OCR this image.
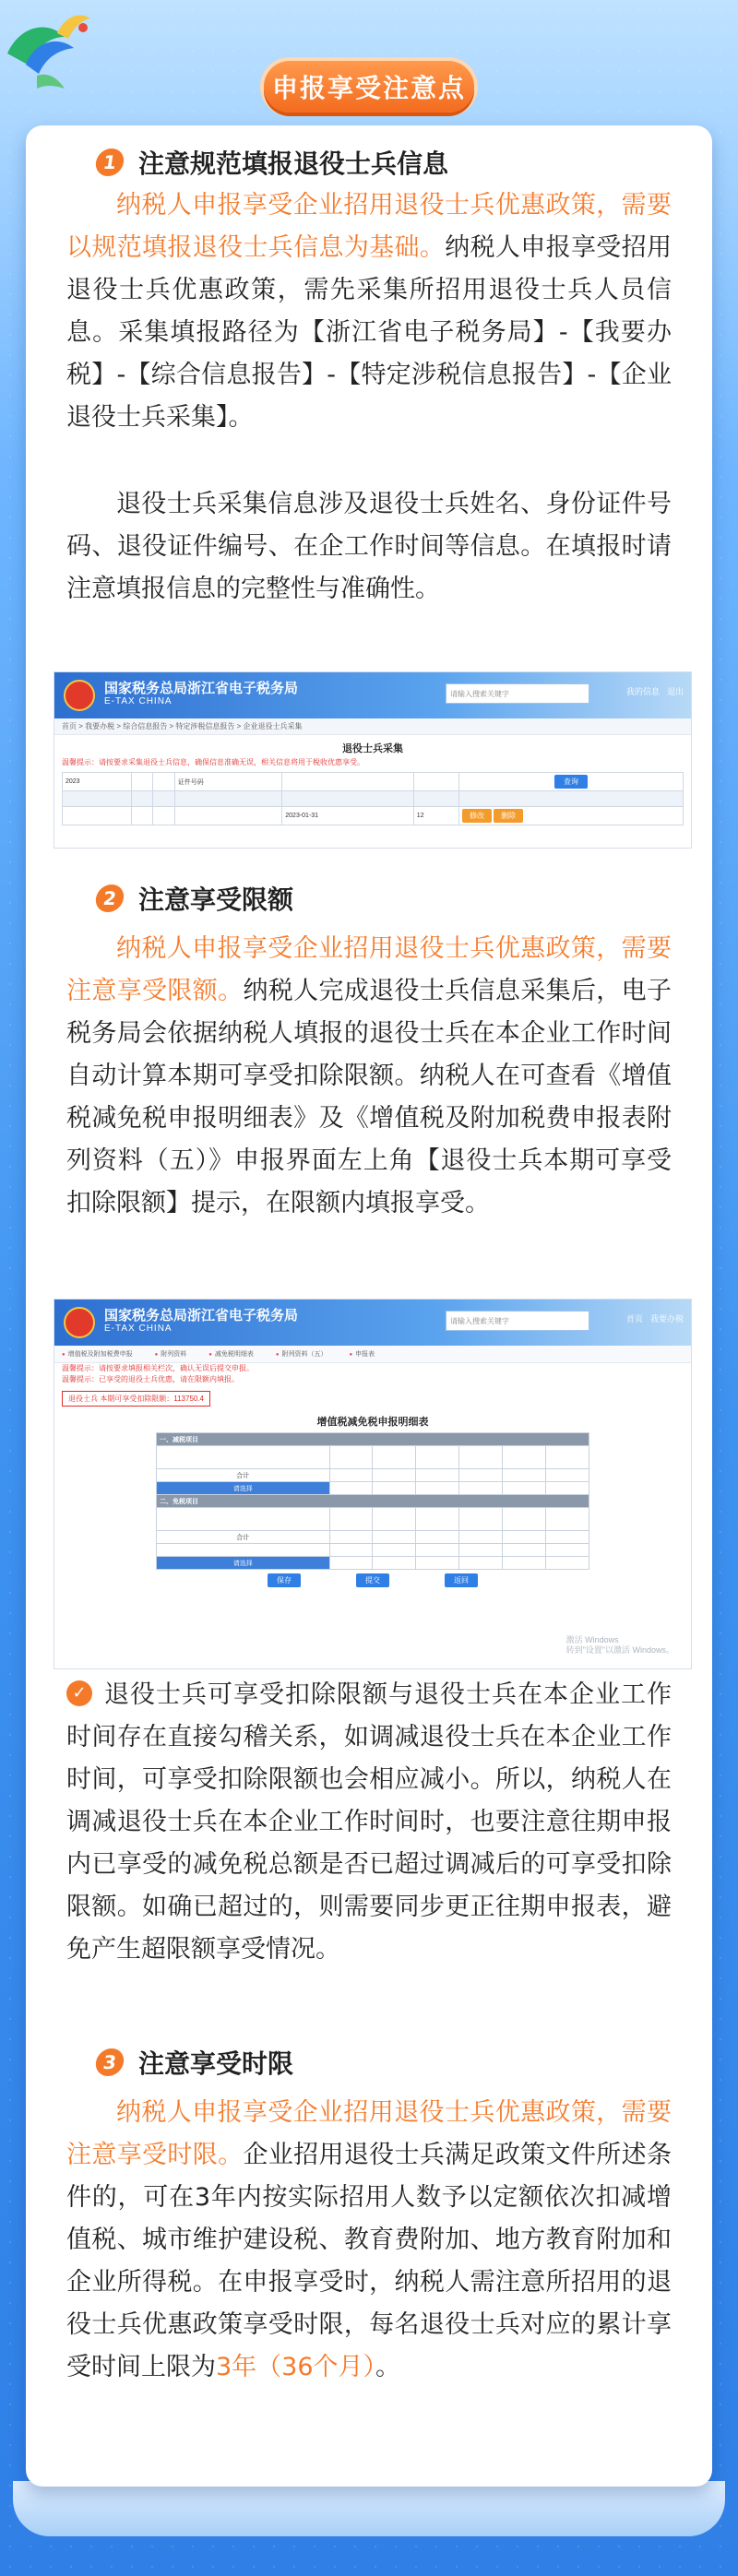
申报享受注意点
1 注意规范填报退役士兵信息

纳税人申报享受企业招用退役士兵优惠政策，需要以规范填报退役士兵信息为基础。纳税人申报享受招用退役士兵优惠政策，需先采集所招用退役士兵人员信息。采集填报路径为【浙江省电子税务局】-【我要办税】-【综合信息报告】-【特定涉税信息报告】-【企业退役士兵采集】。

退役士兵采集信息涉及退役士兵姓名、身份证件号码、退役证件编号、在企工作时间等信息。在填报时请注意填报信息的完整性与准确性。

国家税务总局浙江省电子税务局
E-TAX CHINA
请输入搜索关键字	我的信息 退出
首页 > 我要办税 > 综合信息报告 > 特定涉税信息报告 > 企业退役士兵采集
退役士兵采集
温馨提示：请按要求采集退役士兵信息，确保信息准确无误，相关信息将用于税收优惠享受。
2023			证件号码			查询

				2023-01-31	12	修改 删除
2 注意享受限额

纳税人申报享受企业招用退役士兵优惠政策，需要注意享受限额。纳税人完成退役士兵信息采集后，电子税务局会依据纳税人填报的退役士兵在本企业工作时间自动计算本期可享受扣除限额。纳税人在可查看《增值税减免税申报明细表》及《增值税及附加税费申报表附列资料（五）》申报界面左上角【退役士兵本期可享受扣除限额】提示，在限额内填报享受。

国家税务总局浙江省电子税务局
E-TAX CHINA
请输入搜索关键字	首页 我要办税
● 增值税及附加税费申报	● 附列资料	● 减免税明细表	● 附列资料（五）	● 申报表
温馨提示：请按要求填报相关栏次，确认无误后提交申报。
温馨提示：已享受的退役士兵优惠，请在限额内填报。
退役士兵 本期可享受扣除限额：113750.4
增值税减免税申报明细表
一、减税项目						

合计						
请选择						
二、免税项目						

合计						

请选择						
保存	提交	返回
激活 Windows
转到"设置"以激活 Windows。

✓ 退役士兵可享受扣除限额与退役士兵在本企业工作时间存在直接勾稽关系，如调减退役士兵在本企业工作时间，可享受扣除限额也会相应减小。所以，纳税人在调减退役士兵在本企业工作时间时，也要注意往期申报内已享受的减免税总额是否已超过调减后的可享受扣除限额。如确已超过的，则需要同步更正往期申报表，避免产生超限额享受情况。

3 注意享受时限

纳税人申报享受企业招用退役士兵优惠政策，需要注意享受时限。企业招用退役士兵满足政策文件所述条件的，可在3年内按实际招用人数予以定额依次扣减增值税、城市维护建设税、教育费附加、地方教育附加和企业所得税。在申报享受时，纳税人需注意所招用的退役士兵优惠政策享受时限，每名退役士兵对应的累计享受时间上限为3年（36个月）。
